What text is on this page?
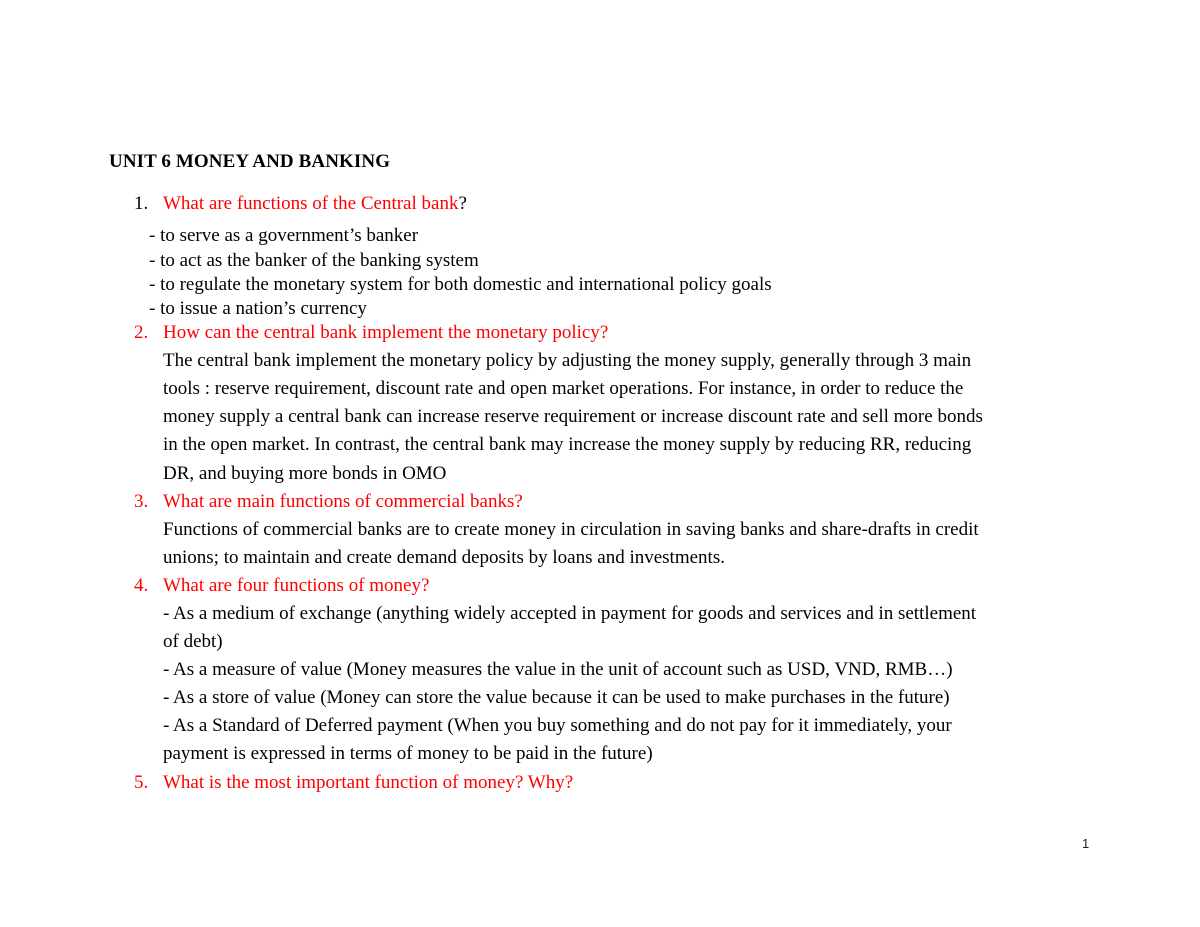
UNIT 6 MONEY AND BANKING
1. What are functions of the Central bank?
- to serve as a government’s banker
- to act as the banker of the banking system
- to regulate the monetary system for both domestic and international policy goals
- to issue a nation’s currency
2. How can the central bank implement the monetary policy?
The central bank implement the monetary policy by adjusting the money supply, generally through 3 main
tools : reserve requirement, discount rate and open market operations. For instance, in order to reduce the
money supply a central bank can increase reserve requirement or increase discount rate and sell more bonds
in the open market. In contrast, the central bank may increase the money supply by reducing RR, reducing
DR, and buying more bonds in OMO
3. What are main functions of commercial banks?
Functions of commercial banks are to create money in circulation in saving banks and share-drafts in credit
unions; to maintain and create demand deposits by loans and investments.
4. What are four functions of money?
- As a medium of exchange (anything widely accepted in payment for goods and services and in settlement
of debt)
- As a measure of value (Money measures the value in the unit of account such as USD, VND, RMB…)
- As a store of value (Money can store the value because it can be used to make purchases in the future)
- As a Standard of Deferred payment (When you buy something and do not pay for it immediately, your
payment is expressed in terms of money to be paid in the future)
5. What is the most important function of money? Why?
1
